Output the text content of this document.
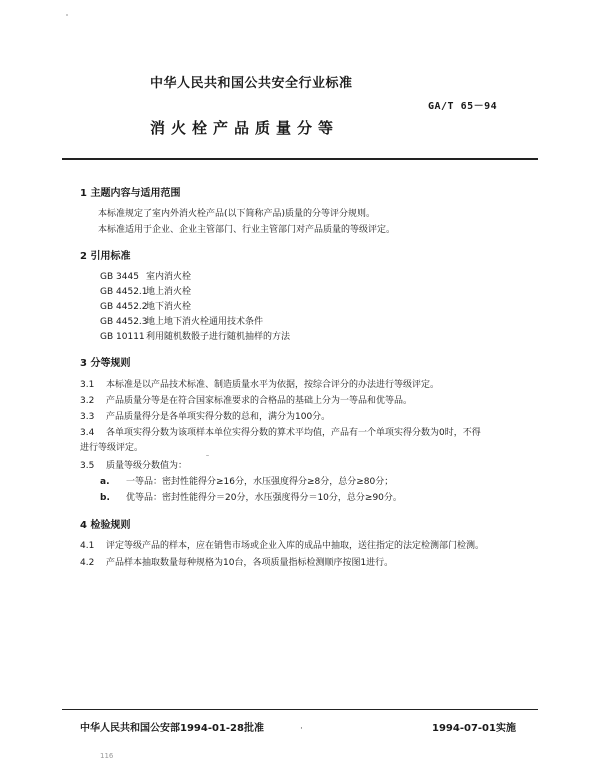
中华人民共和国公共安全行业标准
GA/T 65－94
消火栓产品质量分等
1 主题内容与适用范围
本标准规定了室内外消火栓产品(以下简称产品)质量的分等评分规则。
本标准适用于企业、企业主管部门、行业主管部门对产品质量的等级评定。
2 引用标准
GB 3445 室内消火栓
GB 4452.1地上消火栓
GB 4452.2地下消火栓
GB 4452.3地上地下消火栓通用技术条件
GB 10111利用随机数骰子进行随机抽样的方法
3 分等规则
3.1 本标准是以产品技术标准、制造质量水平为依据，按综合评分的办法进行等级评定。
3.2 产品质量分等是在符合国家标准要求的合格品的基础上分为一等品和优等品。
3.3 产品质量得分是各单项实得分数的总和，满分为100分。
3.4 各单项实得分数为该项样本单位实得分数的算术平均值，产品有一个单项实得分数为0时，不得
进行等级评定。
3.5 质量等级分数值为：
a. 一等品：密封性能得分≥16分，水压强度得分≥8分，总分≥80分；
b. 优等品：密封性能得分＝20分，水压强度得分＝10分，总分≥90分。
4 检验规则
4.1 评定等级产品的样本，应在销售市场或企业入库的成品中抽取，送往指定的法定检测部门检测。
4.2 产品样本抽取数量每种规格为10台，各项质量指标检测顺序按图1进行。
中华人民共和国公安部1994-01-28批准	·	1994-07-01实施
116
